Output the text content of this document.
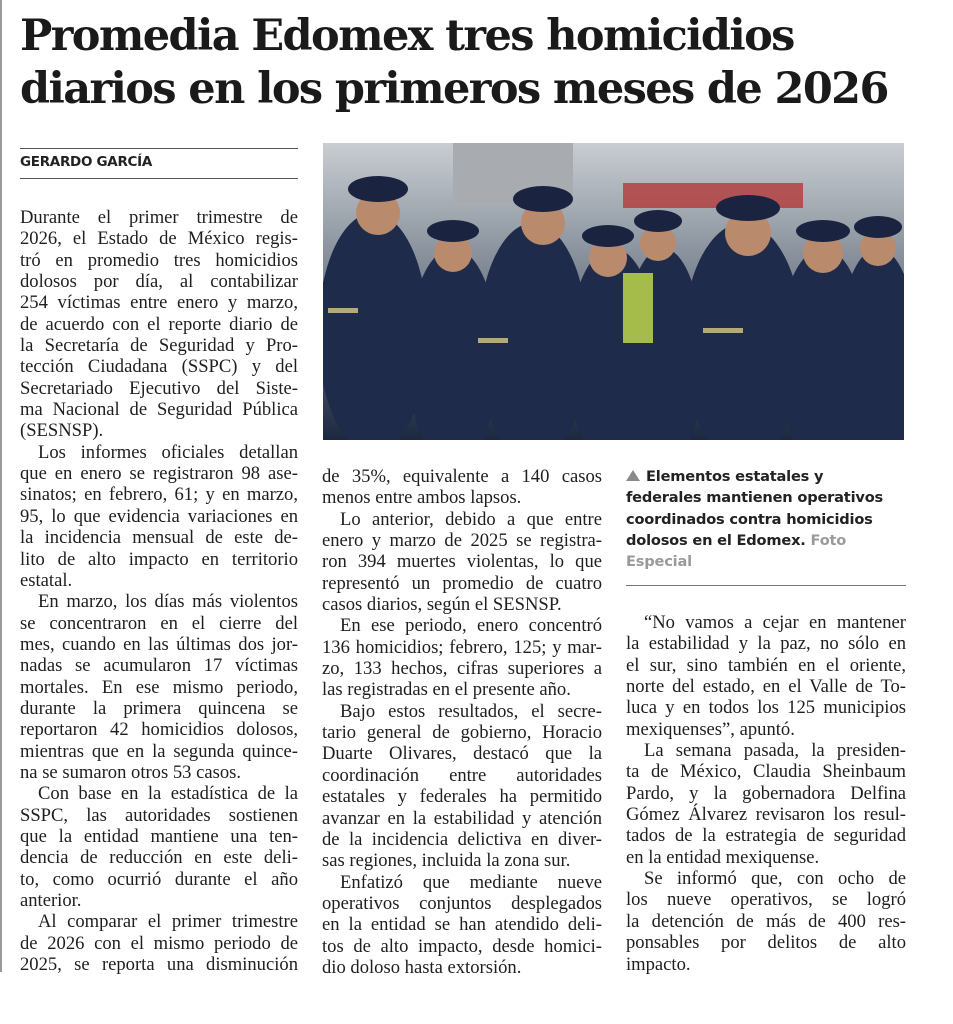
Promedia Edomex tres homicidios
diarios en los primeros meses de 2026
GERARDO GARCÍA
Elementos estatales y federales mantienen operativos coordinados contra homicidios dolosos en el Edomex. Foto Especial
Durante el primer trimestre de
2026, el Estado de México regis-
tró en promedio tres homicidios
dolosos por día, al contabilizar
254 víctimas entre enero y marzo,
de acuerdo con el reporte diario de
la Secretaría de Seguridad y Pro-
tección Ciudadana (SSPC) y del
Secretariado Ejecutivo del Siste-
ma Nacional de Seguridad Pública
(SESNSP).
Los informes oficiales detallan
que en enero se registraron 98 ase-
sinatos; en febrero, 61; y en marzo,
95, lo que evidencia variaciones en
la incidencia mensual de este de-
lito de alto impacto en territorio
estatal.
En marzo, los días más violentos
se concentraron en el cierre del
mes, cuando en las últimas dos jor-
nadas se acumularon 17 víctimas
mortales. En ese mismo periodo,
durante la primera quincena se
reportaron 42 homicidios dolosos,
mientras que en la segunda quince-
na se sumaron otros 53 casos.
Con base en la estadística de la
SSPC, las autoridades sostienen
que la entidad mantiene una ten-
dencia de reducción en este deli-
to, como ocurrió durante el año
anterior.
Al comparar el primer trimestre
de 2026 con el mismo periodo de
2025, se reporta una disminución
de 35%, equivalente a 140 casos
menos entre ambos lapsos.
Lo anterior, debido a que entre
enero y marzo de 2025 se registra-
ron 394 muertes violentas, lo que
representó un promedio de cuatro
casos diarios, según el SESNSP.
En ese periodo, enero concentró
136 homicidios; febrero, 125; y mar-
zo, 133 hechos, cifras superiores a
las registradas en el presente año.
Bajo estos resultados, el secre-
tario general de gobierno, Horacio
Duarte Olivares, destacó que la
coordinación entre autoridades
estatales y federales ha permitido
avanzar en la estabilidad y atención
de la incidencia delictiva en diver-
sas regiones, incluida la zona sur.
Enfatizó que mediante nueve
operativos conjuntos desplegados
en la entidad se han atendido deli-
tos de alto impacto, desde homici-
dio doloso hasta extorsión.
“No vamos a cejar en mantener
la estabilidad y la paz, no sólo en
el sur, sino también en el oriente,
norte del estado, en el Valle de To-
luca y en todos los 125 municipios
mexiquenses”, apuntó.
La semana pasada, la presiden-
ta de México, Claudia Sheinbaum
Pardo, y la gobernadora Delfina
Gómez Álvarez revisaron los resul-
tados de la estrategia de seguridad
en la entidad mexiquense.
Se informó que, con ocho de
los nueve operativos, se logró
la detención de más de 400 res-
ponsables por delitos de alto
impacto.
